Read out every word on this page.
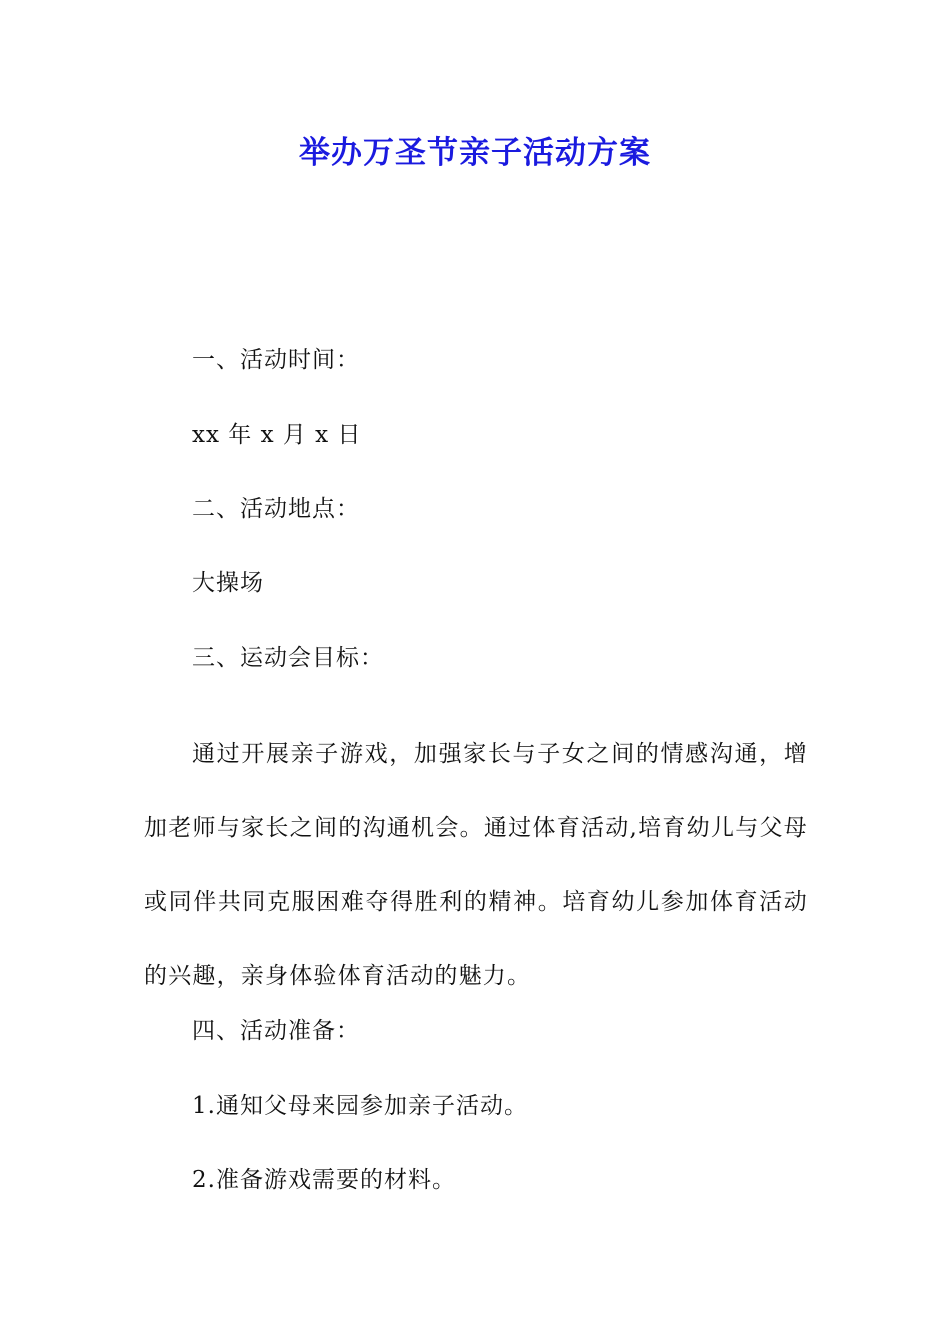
举办万圣节亲子活动方案
一、活动时间：
xx 年 x 月 x 日
二、活动地点：
大操场
三、运动会目标：

通过开展亲子游戏，加强家长与子女之间的情感沟通，增加老师与家长之间的沟通机会。通过体育活动,培育幼儿与父母或同伴共同克服困难夺得胜利的精神。培育幼儿参加体育活动的兴趣，亲身体验体育活动的魅力。

四、活动准备：
1.通知父母来园参加亲子活动。
2.准备游戏需要的材料。
